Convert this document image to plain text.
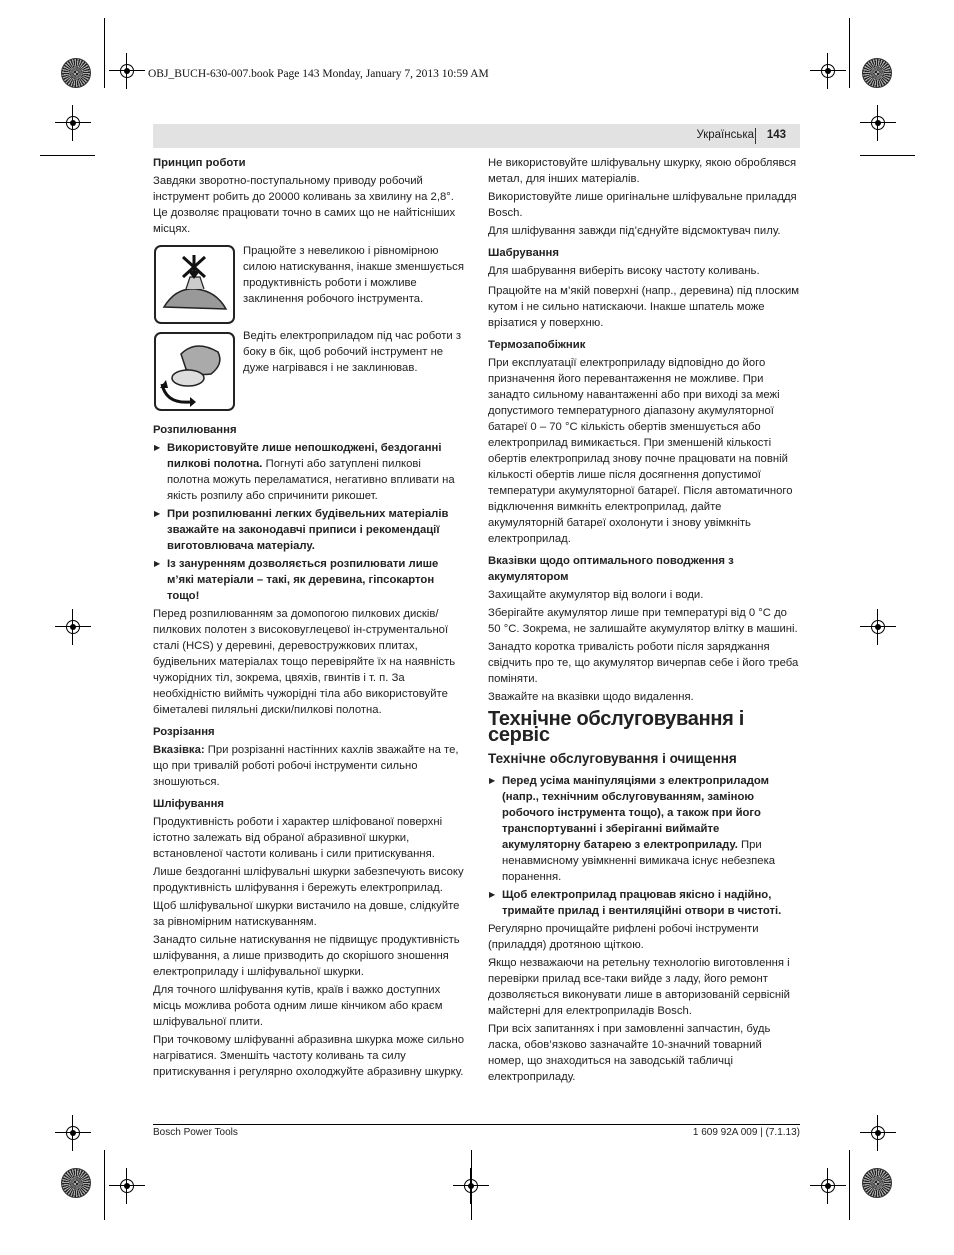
OBJ_BUCH-630-007.book Page 143 Monday, January 7, 2013 10:59 AM
Українська 143
Принцип роботи

Завдяки зворотно-поступальному приводу робочий інструмент робить до 20000 коливань за хвилину на 2,8°. Це дозволяє працювати точно в самих що не найтісніших місцях.

Працюйте з невеликою і рівномірною силою натискування, інакше зменшується продуктивність роботи і можливе заклинення робочого інструмента.
Ведіть електроприладом під час роботи з боку в бік, щоб робочий інструмент не дуже нагрівався і не заклинював.
Розпилювання
▶ Використовуйте лише непошкоджені, бездоганні пилкові полотна. Погнуті або затуплені пилкові полотна можуть переламатися, негативно впливати на якість розпилу або спричинити рикошет.
▶ При розпилюванні легких будівельних матеріалів зважайте на законодавчі приписи і рекомендації виготовлювача матеріалу.
▶ Із зануренням дозволяється розпилювати лише м’які матеріали – такі, як деревина, гіпсокартон тощо!

Перед розпилюванням за домопогою пилкових дисків/пилкових полотен з високовуглецевої ін-струментальної сталі (HCS) у деревині, деревостружкових плитах, будівельних матеріалах тощо перевіряйте їх на наявність чужорідних тіл, зокрема, цвяхів, гвинтів і т. п. За необхідністю вийміть чужорідні тіла або використовуйте біметалеві пиляльні диски/пилкові полотна.

Розрізання

Вказівка: При розрізанні настінних кахлів зважайте на те, що при тривалій роботі робочі інструменти сильно зношуються.

Шліфування

Продуктивність роботи і характер шліфованої поверхні істотно залежать від обраної абразивної шкурки, встановленої частоти коливань і сили притискування.

Лише бездоганні шліфувальні шкурки забезпечують високу продуктивність шліфування і бережуть електроприлад.

Щоб шліфувальної шкурки вистачило на довше, слідкуйте за рівномірним натискуванням.

Занадто сильне натискування не підвищує продуктивність шліфування, а лише призводить до скорішого зношення електроприладу і шліфувальної шкурки.

Для точного шліфування кутів, країв і важко доступних місць можлива робота одним лише кінчиком або краєм шліфувальної плити.

При точковому шліфуванні абразивна шкурка може сильно нагріватися. Зменшіть частоту коливань та силу притискування і регулярно охолоджуйте абразивну шкурку.

Не використовуйте шліфувальну шкурку, якою оброблявся метал, для інших матеріалів.

Використовуйте лише оригінальне шліфувальне приладдя Bosch.

Для шліфування завжди під’єднуйте відсмоктувач пилу.

Шабрування

Для шабрування виберіть високу частоту коливань.

Працюйте на м’якій поверхні (напр., деревина) під плоским кутом і не сильно натискаючи. Інакше шпатель може врізатися у поверхню.

Термозапобіжник

При експлуатації електроприладу відповідно до його призначення його перевантаження не можливе. При занадто сильному навантаженні або при виході за межі допустимого температурного діапазону акумуляторної батареї 0 – 70 °C кількість обертів зменшується або електроприлад вимикається. При зменшеній кількості обертів електроприлад знову почне працювати на повній кількості обертів лише після досягнення допустимої температури акумуляторної батареї. Після автоматичного відключення вимкніть електроприлад, дайте акумуляторній батареї охолонути і знову увімкніть електроприлад.

Вказівки щодо оптимального поводження з акумулятором

Захищайте акумулятор від вологи і води.

Зберігайте акумулятор лише при температурі від 0 °C до 50 °C. Зокрема, не залишайте акумулятор влітку в машині.

Занадто коротка тривалість роботи після заряджання свідчить про те, що акумулятор вичерпав себе і його треба поміняти.

Зважайте на вказівки щодо видалення.

Технічне обслуговування і сервіс
Технічне обслуговування і очищення
▶ Перед усіма маніпуляціями з електроприладом (напр., технічним обслуговуванням, заміною робочого інструмента тощо), а також при його транспортуванні і зберіганні виймайте акумуляторну батарею з електроприладу. При ненавмисному увімкненні вимикача існує небезпека поранення.
▶ Щоб електроприлад працював якісно і надійно, тримайте прилад і вентиляційні отвори в чистоті.

Регулярно прочищайте рифлені робочі інструменти (приладдя) дротяною щіткою.

Якщо незважаючи на ретельну технологію виготовлення і перевірки прилад все-таки вийде з ладу, його ремонт дозволяється виконувати лише в авторизованій сервісній майстерні для електроприладів Bosch.

При всіх запитаннях і при замовленні запчастин, будь ласка, обов’язково зазначайте 10-значний товарний номер, що знаходиться на заводській табличці електроприладу.

Bosch Power Tools	1 609 92A 009 | (7.1.13)
